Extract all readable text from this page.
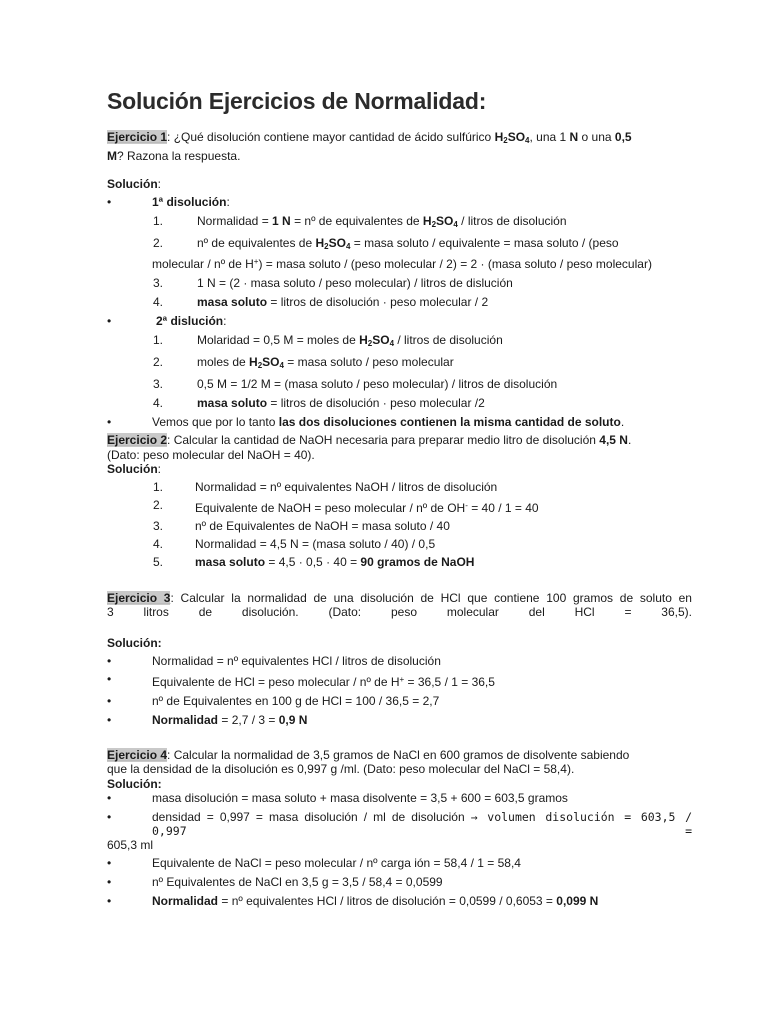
Solución Ejercicios de Normalidad:
Ejercicio 1: ¿Qué disolución contiene mayor cantidad de ácido sulfúrico $H_2SO_4$, una 1 N o una 0,5
M? Razona la respuesta.
Solución:
•	1ª disolución:
1.	Normalidad = 1 N = nº de equivalentes de $H_2SO_4$ / litros de disolución
2.	nº de equivalentes de $H_2SO_4$ = masa soluto / equivalente = masa soluto / (peso
molecular / nº de H+) = masa soluto / (peso molecular / 2) = 2 · (masa soluto / peso molecular)
3.	1 N = (2 · masa soluto / peso molecular) / litros de dislución
4.	masa soluto = litros de disolución · peso molecular / 2
•	2ª dislución:
1.	Molaridad = 0,5 M = moles de $H_2SO_4$ / litros de disolución
2.	moles de $H_2SO_4$ = masa soluto / peso molecular
3.	0,5 M = 1/2 M = (masa soluto / peso molecular) / litros de disolución
4.	masa soluto = litros de disolución · peso molecular /2
•	Vemos que por lo tanto las dos disoluciones contienen la misma cantidad de soluto.
Ejercicio 2: Calcular la cantidad de NaOH necesaria para preparar medio litro de disolución 4,5 N.
(Dato: peso molecular del NaOH = 40).
Solución:
1.	Normalidad = nº equivalentes NaOH / litros de disolución
2.	Equivalente de NaOH = peso molecular / nº de OH- = 40 / 1 = 40
3.	nº de Equivalentes de NaOH = masa soluto / 40
4.	Normalidad = 4,5 N = (masa soluto / 40) / 0,5
5.	masa soluto = 4,5 · 0,5 · 40 = 90 gramos de NaOH
Ejercicio 3: Calcular la normalidad de una disolución de HCl que contiene 100 gramos de soluto en
3 litros de disolución. (Dato: peso molecular del HCl = 36,5).
Solución:
•	Normalidad = nº equivalentes HCl / litros de disolución
•	Equivalente de HCl = peso molecular / nº de H+ = 36,5 / 1 = 36,5
•	nº de Equivalentes en 100 g de HCl = 100 / 36,5 = 2,7
•	Normalidad = 2,7 / 3 = 0,9 N
Ejercicio 4: Calcular la normalidad de 3,5 gramos de NaCl en 600 gramos de disolvente sabiendo
que la densidad de la disolución es 0,997 g /ml. (Dato: peso molecular del NaCl = 58,4).
Solución:
•	masa disolución = masa soluto + masa disolvente = 3,5 + 600 = 603,5 gramos
•	densidad = 0,997 = masa disolución / ml de disolución → volumen disolución = 603,5 / 0,997 =
605,3 ml
•	Equivalente de NaCl = peso molecular / nº carga ión = 58,4 / 1 = 58,4
•	nº Equivalentes de NaCl en 3,5 g = 3,5 / 58,4 = 0,0599
•	Normalidad = nº equivalentes HCl / litros de disolución = 0,0599 / 0,6053 = 0,099 N
